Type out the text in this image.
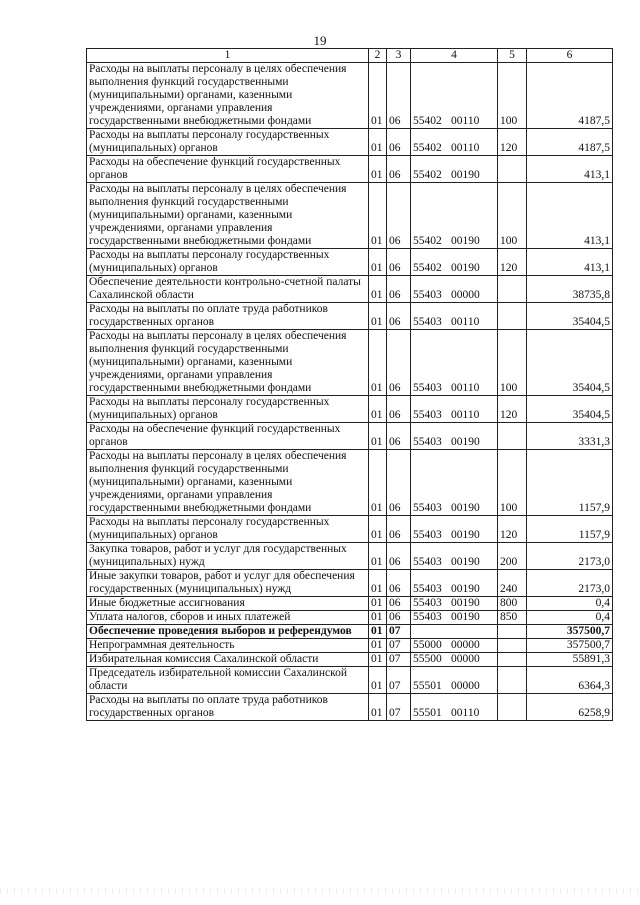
19
1	2	3	4	5	6
Расходы на выплаты персоналу в целях обеспечения выполнения функций государственными (муниципальными) органами, казенными учреждениями, органами управления государственными внебюджетными фондами	01	06	55402 00110	100	4187,5
Расходы на выплаты персоналу государственных (муниципальных) органов	01	06	55402 00110	120	4187,5
Расходы на обеспечение функций государственных органов	01	06	55402 00190		413,1
Расходы на выплаты персоналу в целях обеспечения выполнения функций государственными (муниципальными) органами, казенными учреждениями, органами управления государственными внебюджетными фондами	01	06	55402 00190	100	413,1
Расходы на выплаты персоналу государственных (муниципальных) органов	01	06	55402 00190	120	413,1
Обеспечение деятельности контрольно-счетной палаты Сахалинской области	01	06	55403 00000		38735,8
Расходы на выплаты по оплате труда работников государственных органов	01	06	55403 00110		35404,5
Расходы на выплаты персоналу в целях обеспечения выполнения функций государственными (муниципальными) органами, казенными учреждениями, органами управления государственными внебюджетными фондами	01	06	55403 00110	100	35404,5
Расходы на выплаты персоналу государственных (муниципальных) органов	01	06	55403 00110	120	35404,5
Расходы на обеспечение функций государственных органов	01	06	55403 00190		3331,3
Расходы на выплаты персоналу в целях обеспечения выполнения функций государственными (муниципальными) органами, казенными учреждениями, органами управления государственными внебюджетными фондами	01	06	55403 00190	100	1157,9
Расходы на выплаты персоналу государственных (муниципальных) органов	01	06	55403 00190	120	1157,9
Закупка товаров, работ и услуг для государственных (муниципальных) нужд	01	06	55403 00190	200	2173,0
Иные закупки товаров, работ и услуг для обеспечения государственных (муниципальных) нужд	01	06	55403 00190	240	2173,0
Иные бюджетные ассигнования	01	06	55403 00190	800	0,4
Уплата налогов, сборов и иных платежей	01	06	55403 00190	850	0,4
Обеспечение проведения выборов и референдумов	01	07			357500,7
Непрограммная деятельность	01	07	55000 00000		357500,7
Избирательная комиссия Сахалинской области	01	07	55500 00000		55891,3
Председатель избирательной комиссии Сахалинской области	01	07	55501 00000		6364,3
Расходы на выплаты по оплате труда работников государственных органов	01	07	55501 00110		6258,9
